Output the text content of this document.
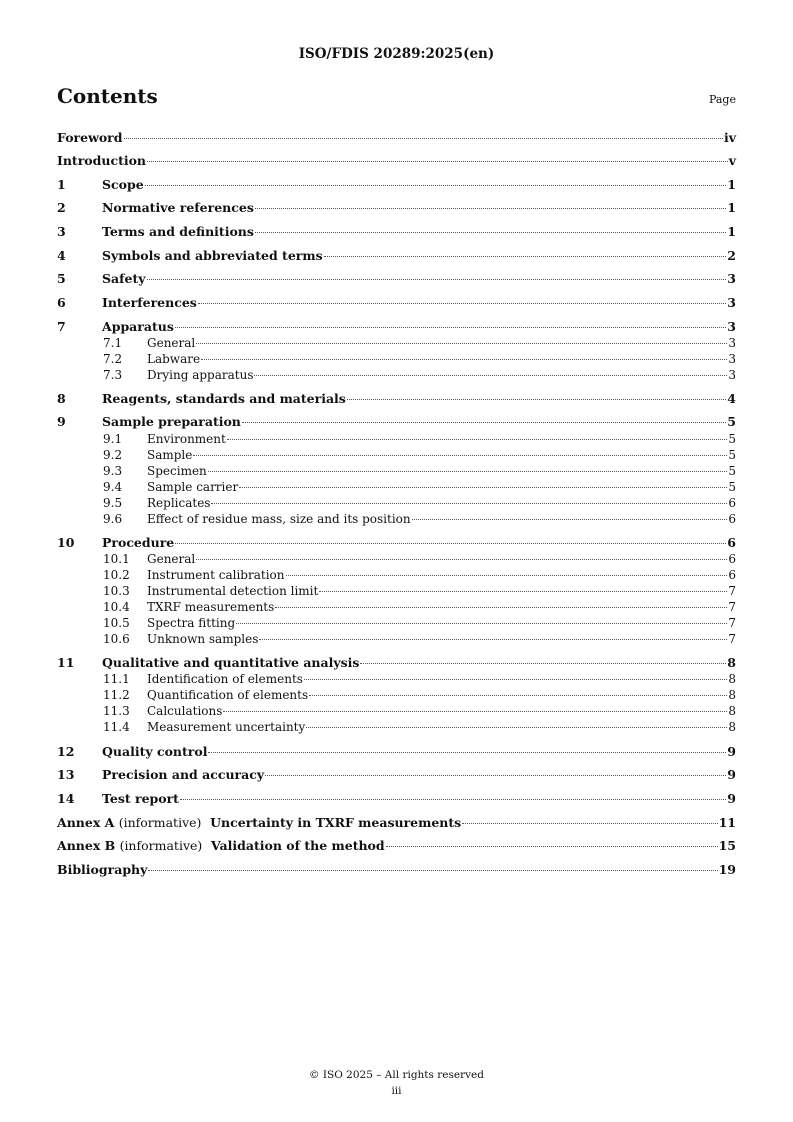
ISO/FDIS 20289:2025(en)
Contents	Page
Foreword	iv
Introduction	v
1	Scope	1
2	Normative references	1
3	Terms and definitions	1
4	Symbols and abbreviated terms	2
5	Safety	3
6	Interferences	3
7	Apparatus	3
7.1	General	3
7.2	Labware	3
7.3	Drying apparatus	3
8	Reagents, standards and materials	4
9	Sample preparation	5
9.1	Environment	5
9.2	Sample	5
9.3	Specimen	5
9.4	Sample carrier	5
9.5	Replicates	6
9.6	Effect of residue mass, size and its position	6
10	Procedure	6
10.1	General	6
10.2	Instrument calibration	6
10.3	Instrumental detection limit	7
10.4	TXRF measurements	7
10.5	Spectra fitting	7
10.6	Unknown samples	7
11	Qualitative and quantitative analysis	8
11.1	Identification of elements	8
11.2	Quantification of elements	8
11.3	Calculations	8
11.4	Measurement uncertainty	8
12	Quality control	9
13	Precision and accuracy	9
14	Test report	9
Annex A (informative) Uncertainty in TXRF measurements	11
Annex B (informative) Validation of the method	15
Bibliography	19
© ISO 2025 – All rights reserved
iii
